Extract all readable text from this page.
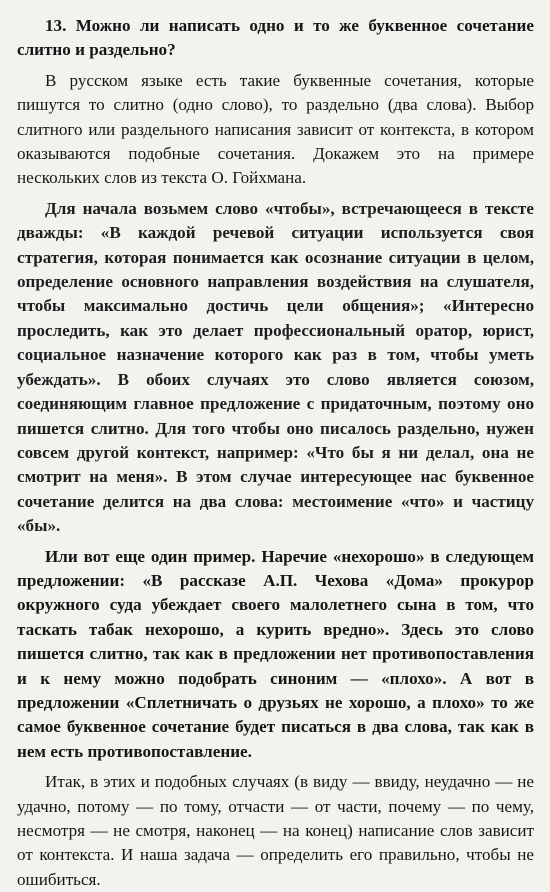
13. Можно ли написать одно и то же буквенное сочетание слитно и раздельно?

В русском языке есть такие буквенные сочетания, которые пишутся то слитно (одно слово), то раздельно (два слова). Выбор слитного или раздельного написания зависит от контекста, в котором оказываются подобные сочетания. Докажем это на примере нескольких слов из текста О. Гойхмана.

Для начала возьмем слово «чтобы», встречающееся в тексте дважды: «В каждой речевой ситуации используется своя стратегия, которая понимается как осознание ситуации в целом, определение основного направления воздействия на слушателя, чтобы максимально достичь цели общения»; «Интересно проследить, как это делает профессиональный оратор, юрист, социальное назначение которого как раз в том, чтобы уметь убеждать». В обоих случаях это слово является союзом, соединяющим главное предложение с придаточным, поэтому оно пишется слитно. Для того чтобы оно писалось раздельно, нужен совсем другой контекст, например: «Что бы я ни делал, она не смотрит на меня». В этом случае интересующее нас буквенное сочетание делится на два слова: местоимение «что» и частицу «бы».

Или вот еще один пример. Наречие «нехорошо» в следующем предложении: «В рассказе А.П. Чехова «Дома» прокурор окружного суда убеждает своего малолетнего сына в том, что таскать табак нехорошо, а курить вредно». Здесь это слово пишется слитно, так как в предложении нет противопоставления и к нему можно подобрать синоним — «плохо». А вот в предложении «Сплетничать о друзьях не хорошо, а плохо» то же самое буквенное сочетание будет писаться в два слова, так как в нем есть противопоставление.

Итак, в этих и подобных случаях (в виду — ввиду, неудачно — не удачно, потому — по тому, отчасти — от части, почему — по чему, несмотря — не смотря, наконец — на конец) написание слов зависит от контекста. И наша задача — определить его правильно, чтобы не ошибиться.
